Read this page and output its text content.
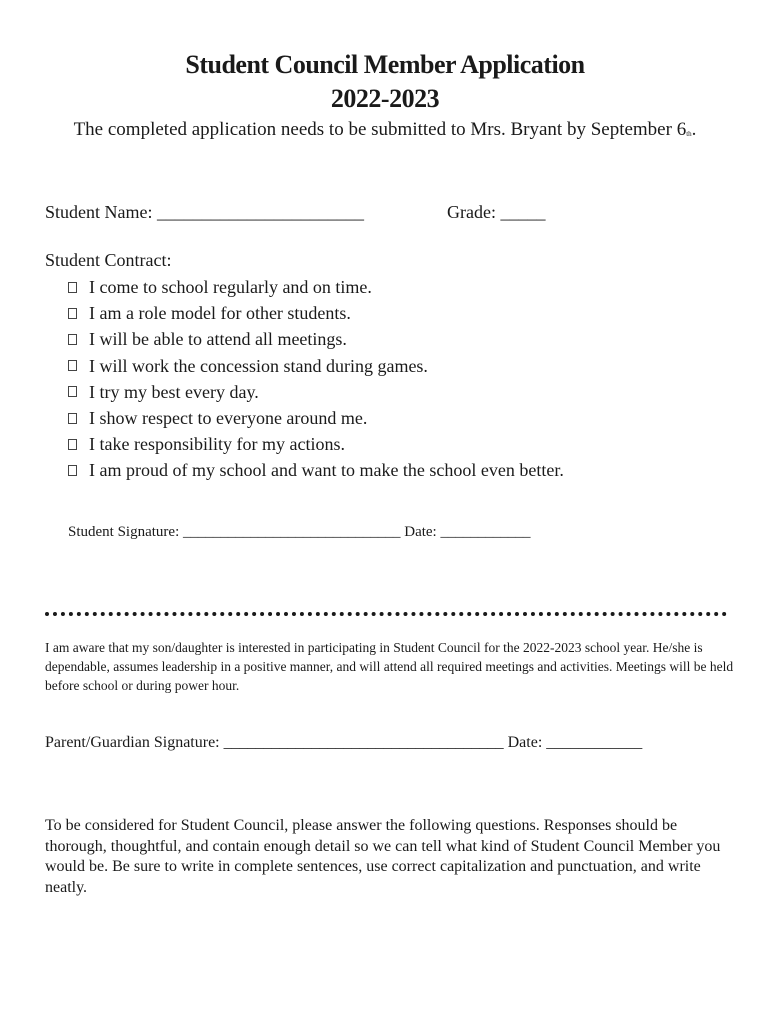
Student Council Member Application
2022-2023
The completed application needs to be submitted to Mrs. Bryant by September 6th.
Student Name: _______________________	Grade: _____
Student Contract:
I come to school regularly and on time.
I am a role model for other students.
I will be able to attend all meetings.
I will work the concession stand during games.
I try my best every day.
I show respect to everyone around me.
I take responsibility for my actions.
I am proud of my school and want to make the school even better.
Student Signature: _____________________________ Date: ____________
I am aware that my son/daughter is interested in participating in Student Council for the 2022-2023 school year. He/she is dependable, assumes leadership in a positive manner, and will attend all required meetings and activities. Meetings will be held before school or during power hour.
Parent/Guardian Signature: ___________________________________ Date: ____________
To be considered for Student Council, please answer the following questions. Responses should be thorough, thoughtful, and contain enough detail so we can tell what kind of Student Council Member you would be. Be sure to write in complete sentences, use correct capitalization and punctuation, and write neatly.
